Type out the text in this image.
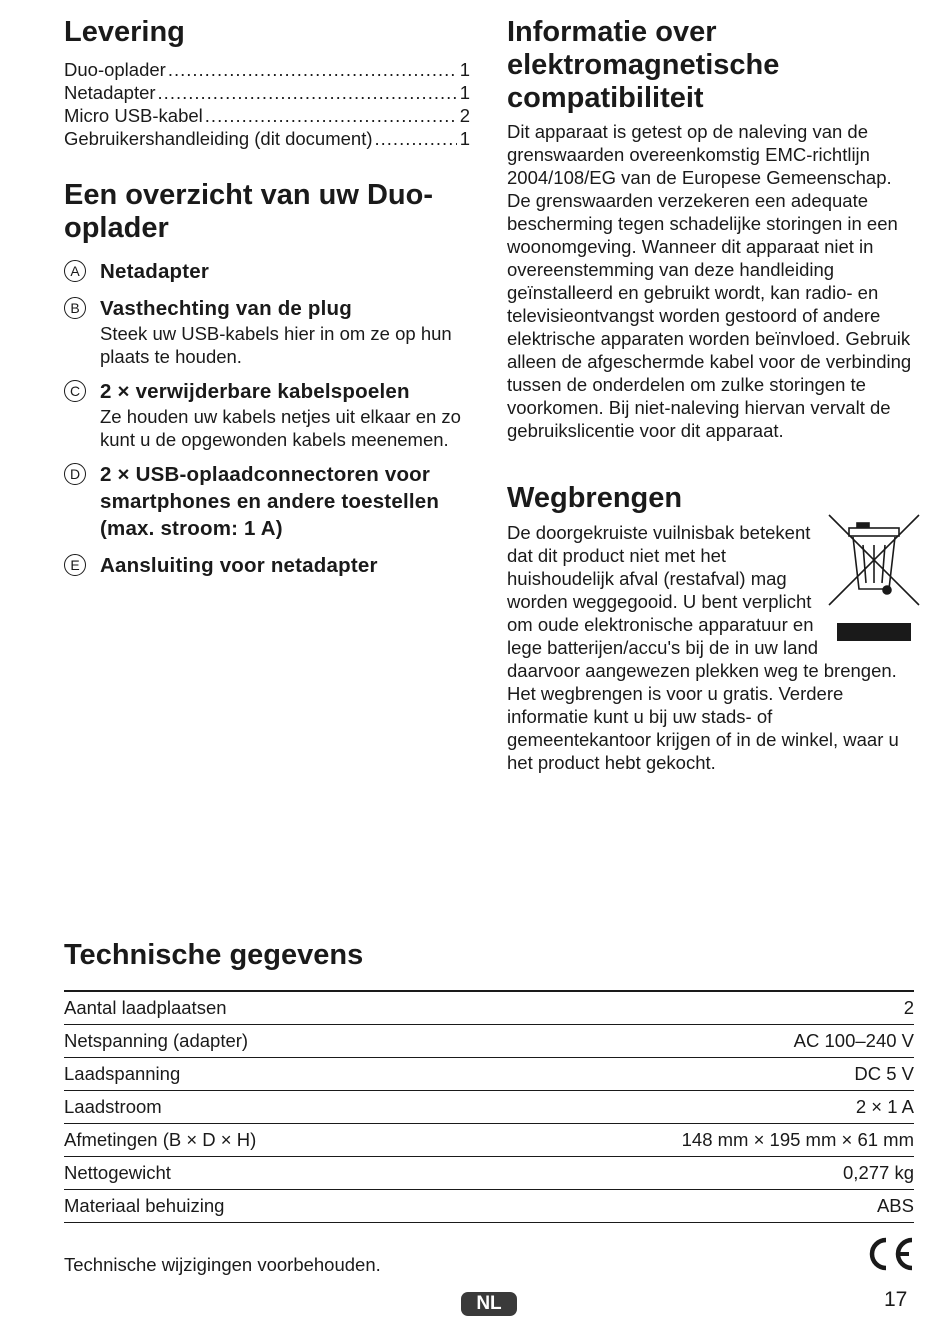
Levering
Duo-oplader .....	1
Netadapter .....	1
Micro USB-kabel .....	2
Gebruikershandleiding (dit document) .....	1
Een overzicht van uw Duo-oplader
A Netadapter
B Vasthechting van de plug
Steek uw USB-kabels hier in om ze op hun plaats te houden.
C 2 × verwijderbare kabelspoelen
Ze houden uw kabels netjes uit elkaar en zo kunt u de opgewonden kabels meenemen.
D 2 × USB-oplaadconnectoren voor smartphones en andere toestellen (max. stroom: 1 A)
E Aansluiting voor netadapter
Informatie over elektromagnetische compatibiliteit

Dit apparaat is getest op de naleving van de grenswaarden overeenkomstig EMC-richtlijn 2004/108/EG van de Europese Gemeenschap. De grenswaarden verzekeren een adequate bescherming tegen schadelijke storingen in een woonomgeving. Wanneer dit apparaat niet in overeenstemming van deze handleiding geïnstalleerd en gebruikt wordt, kan radio- en televisieontvangst worden gestoord of andere elektrische apparaten worden beïnvloed. Gebruik alleen de afgeschermde kabel voor de verbinding tussen de onderdelen om zulke storingen te voorkomen. Bij niet-naleving hiervan vervalt de gebruikslicentie voor dit apparaat.

Wegbrengen

De doorgekruiste vuilnisbak betekent dat dit product niet met het huishoudelijk afval (restafval) mag worden weggegooid. U bent verplicht om oude elektronische apparatuur en lege batterijen/accu's bij de in uw land daarvoor aangewezen plekken weg te brengen. Het wegbrengen is voor u gratis. Verdere informatie kunt u bij uw stads- of gemeentekantoor krijgen of in de winkel, waar u het product hebt gekocht.

Technische gegevens
Aantal laadplaatsen	2
Netspanning (adapter)	AC 100–240 V
Laadspanning	DC 5 V
Laadstroom	2 × 1 A
Afmetingen (B × D × H)	148 mm × 195 mm × 61 mm
Nettogewicht	0,277 kg
Materiaal behuizing	ABS
Technische wijzigingen voorbehouden.
NL	17
